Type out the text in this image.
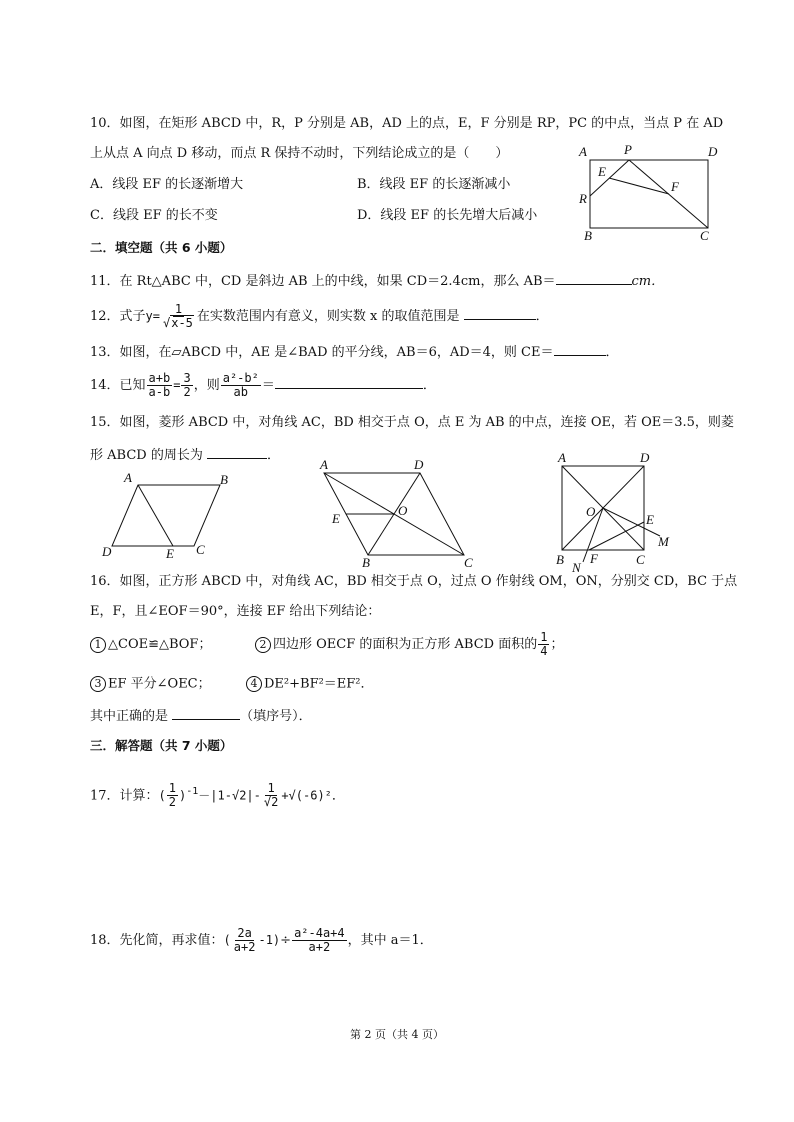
10．如图，在矩形 ABCD 中，R，P 分别是 AB，AD 上的点，E，F 分别是 RP，PC 的中点，当点 P 在 AD
上从点 A 向点 D 移动，而点 R 保持不动时，下列结论成立的是（　　）
A．线段 EF 的长逐渐增大	B．线段 EF 的长逐渐减小
C．线段 EF 的长不变	D．线段 EF 的长先增大后减小
A	P	D
E
F
R
B	C
二．填空题（共 6 小题）
11．在 Rt△ABC 中，CD 是斜边 AB 上的中线，如果 CD＝2.4cm，那么 AB＝	cm．
12．式子$y= \frac{1}{√x-5}$ 在实数范围内有意义，则实数 x 的取值范围是	．
13．如图，在▱ABCD 中，AE 是∠BAD 的平分线，AB＝6，AD＝4，则 CE＝	．
14．已知 $\frac{a+b}{a-b} = \frac{3}{2}$ ，则 $\frac{\text{a²-b²}}{ab}$ ＝	．
15．如图，菱形 ABCD 中，对角线 AC，BD 相交于点 O，点 E 为 AB 的中点，连接 OE，若 OE＝3.5，则菱
形 ABCD 的周长为	．
A	B
C
D	E
A	D
C
B
E
O
A	D
B	C
E
F
O
M
N
16．如图，正方形 ABCD 中，对角线 AC，BD 相交于点 O，过点 O 作射线 OM，ON，分别交 CD，BC 于点
E，F，且∠EOF＝90°，连接 EF 给出下列结论：
1 △COE≌△BOF；	2 四边形 OECF 的面积为正方形 ABCD 面积的 $\frac{1}{4}$ ；
3 EF 平分∠OEC；	4 DE²+BF²＝EF²．
其中正确的是	（填序号）．
三．解答题（共 7 小题）
17．计算：( $\frac{1}{2} )^{-1}-|1-√2|- \frac{1}{√2} +√(-6)^2$．
18．先化简，再求值：( $\frac{2a}{a+2} -1)\div \frac{\text{a²-4a+4}}{a+2}$ ，其中 a＝1．
第 2 页（共 4 页）
